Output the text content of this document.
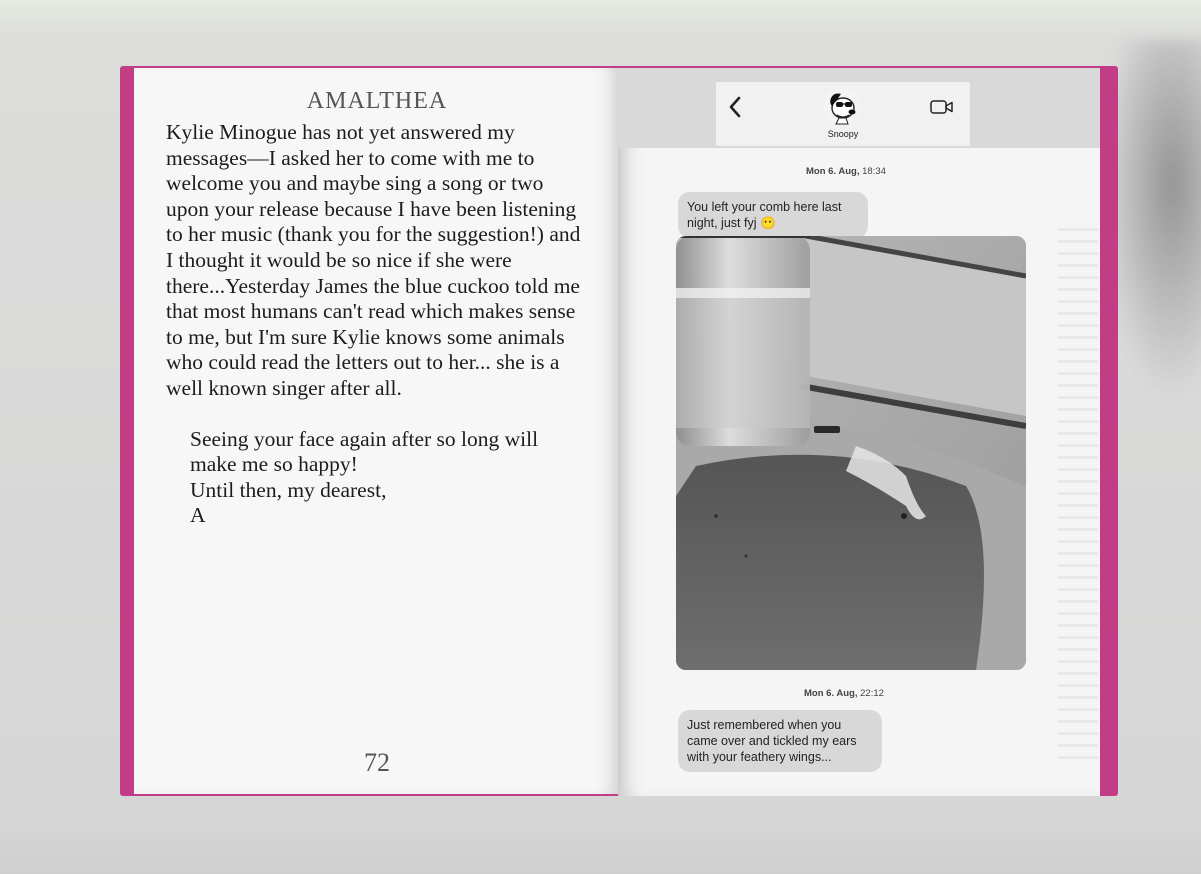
AMALTHEA

Kylie Minogue has not yet answered my messages—I asked her to come with me to welcome you and maybe sing a song or two upon your release because I have been listening to her music (thank you for the suggestion!) and I thought it would be so nice if she were there...Yesterday James the blue cuckoo told me that most humans can't read which makes sense to me, but I'm sure Kylie knows some animals who could read the letters out to her... she is a well known singer after all.

Seeing your face again after so long will make me so happy!

Until then, my dearest,

A

72
Snoopy
Mon 6. Aug, 18:34
You left your comb here last night, just fyj 😶
Mon 6. Aug, 22:12
Just remembered when you came over and tickled my ears with your feathery wings...
